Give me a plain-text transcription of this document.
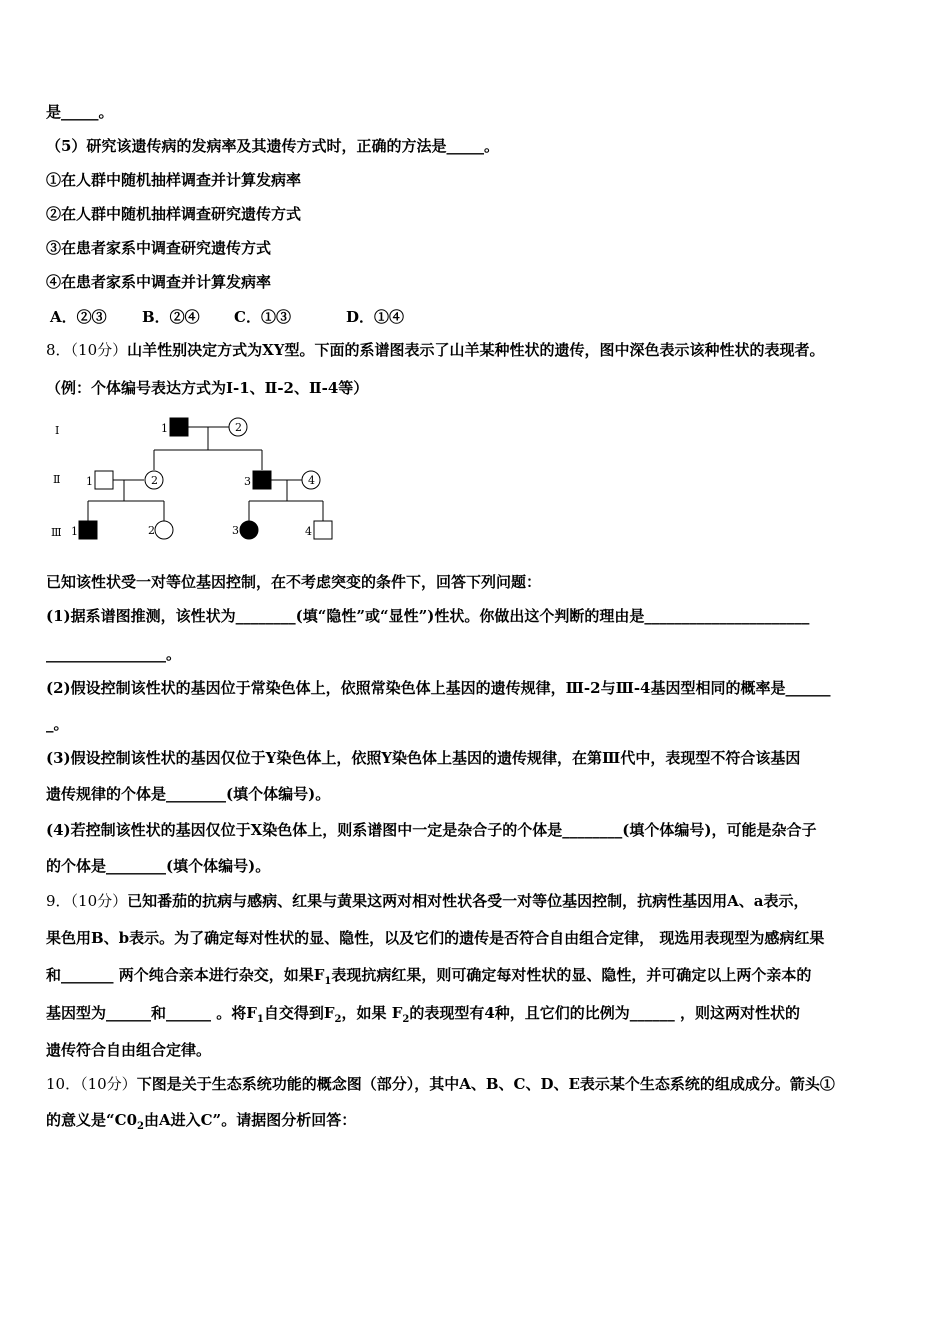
是_____。
（5）研究该遗传病的发病率及其遗传方式时，正确的方法是_____。
①在人群中随机抽样调查并计算发病率
②在人群中随机抽样调查研究遗传方式
③在患者家系中调查研究遗传方式
④在患者家系中调查并计算发病率
A．②③ B．②④ C．①③	D．①④
8．（10分）山羊性别决定方式为XY型。下面的系谱图表示了山羊某种性状的遗传，图中深色表示该种性状的表现者。
（例：个体编号表达方式为Ⅰ-1、Ⅱ-2、Ⅱ-4等）
Ⅰ
Ⅱ
Ⅲ
1	2
1	2	3	4
1	2	3	4
已知该性状受一对等位基因控制，在不考虑突变的条件下，回答下列问题：
(1)据系谱图推测，该性状为________(填“隐性”或“显性”)性状。你做出这个判断的理由是______________________
________________。
(2)假设控制该性状的基因位于常染色体上，依照常染色体上基因的遗传规律，Ⅲ-2与Ⅲ-4基因型相同的概率是______
_。
(3)假设控制该性状的基因仅位于Y染色体上，依照Y染色体上基因的遗传规律，在第Ⅲ代中，表现型不符合该基因
遗传规律的个体是________(填个体编号)。
(4)若控制该性状的基因仅位于X染色体上，则系谱图中一定是杂合子的个体是________(填个体编号)，可能是杂合子
的个体是________(填个体编号)。
9．（10分）已知番茄的抗病与感病、红果与黄果这两对相对性状各受一对等位基因控制，抗病性基因用A、a表示，
果色用B、b表示。为了确定每对性状的显、隐性，以及它们的遗传是否符合自由组合定律， 现选用表现型为感病红果
和_______ 两个纯合亲本进行杂交，如果$F_1$表现抗病红果，则可确定每对性状的显、隐性，并可确定以上两个亲本的
基因型为______和______ 。将$F_1$自交得到$F_2$，如果 $F_2$的表现型有4种，且它们的比例为______ ，则这两对性状的
遗传符合自由组合定律。
10．（10分）下图是关于生态系统功能的概念图（部分），其中A、B、C、D、E表示某个生态系统的组成成分。箭头①
的意义是“$C0_2$由A进入C”。请据图分析回答：
